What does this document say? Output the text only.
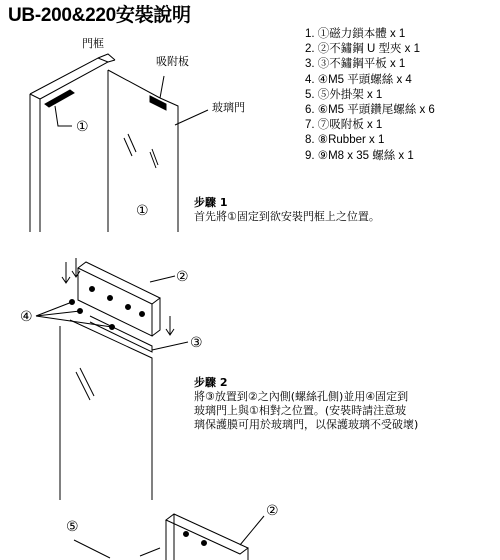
UB-200&220安裝說明
1. ①磁力鎖本體 x 1
2. ②不鏽鋼 U 型夾 x 1
3. ③不鏽鋼平板 x 1
4. ④M5 平頭螺絲 x 4
5. ⑤外掛架 x 1
6. ⑥M5 平頭鑽尾螺絲 x 6
7. ⑦吸附板 x 1
8. ⑧Rubber x 1
9. ⑨M8 x 35 螺絲 x 1
門框
吸附板
玻璃門
①
①
步驟 1
首先將①固定到欲安裝門框上之位置。
②
④
③
步驟 2
將③放置到②之內側(螺絲孔側)並用④固定到
玻璃門上與①相對之位置。(安裝時請注意玻
璃保護膜可用於玻璃門，以保護玻璃不受破壞)
⑤
②
